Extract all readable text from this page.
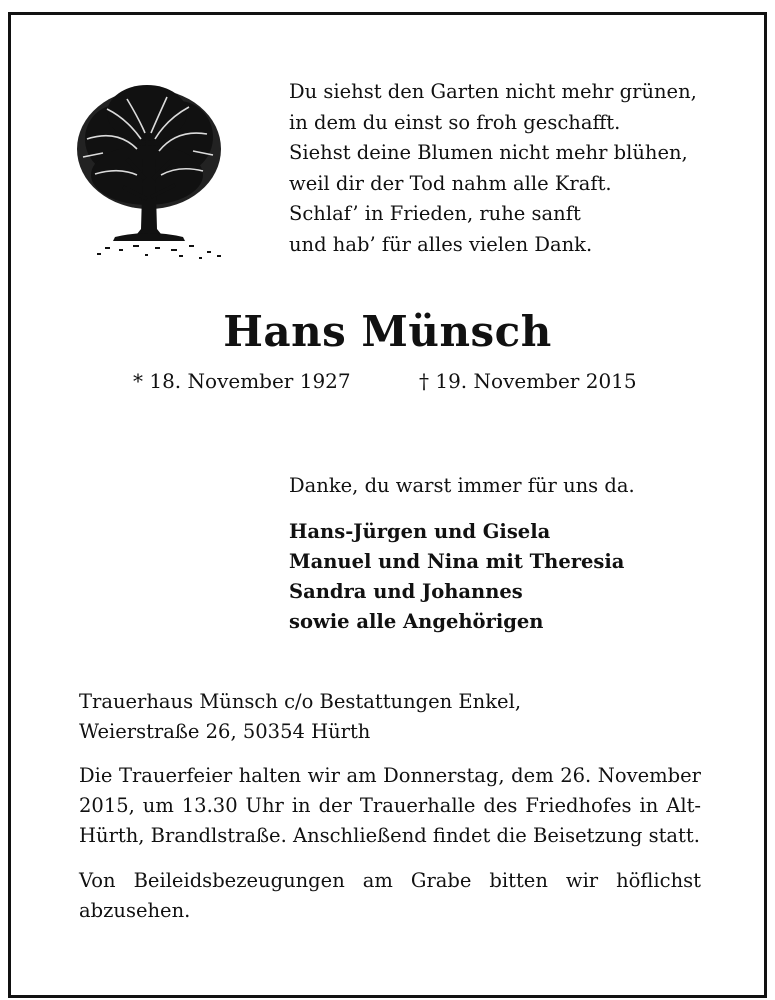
Du siehst den Garten nicht mehr grünen,
in dem du einst so froh geschafft.
Siehst deine Blumen nicht mehr blühen,
weil dir der Tod nahm alle Kraft.
Schlaf’ in Frieden, ruhe sanft
und hab’ für alles vielen Dank.
Hans Münsch
* 18. November 1927	† 19. November 2015
Danke, du warst immer für uns da.
Hans-Jürgen und Gisela
Manuel und Nina mit Theresia
Sandra und Johannes
sowie alle Angehörigen
Trauerhaus Münsch c/o Bestattungen Enkel,
Weierstraße 26, 50354 Hürth
Die Trauerfeier halten wir am Donnerstag, dem 26. November 2015, um 13.30 Uhr in der Trauerhalle des Friedhofes in Alt-Hürth, Brandlstraße. Anschließend findet die Beisetzung statt.
Von Beileidsbezeugungen am Grabe bitten wir höflichst abzusehen.
